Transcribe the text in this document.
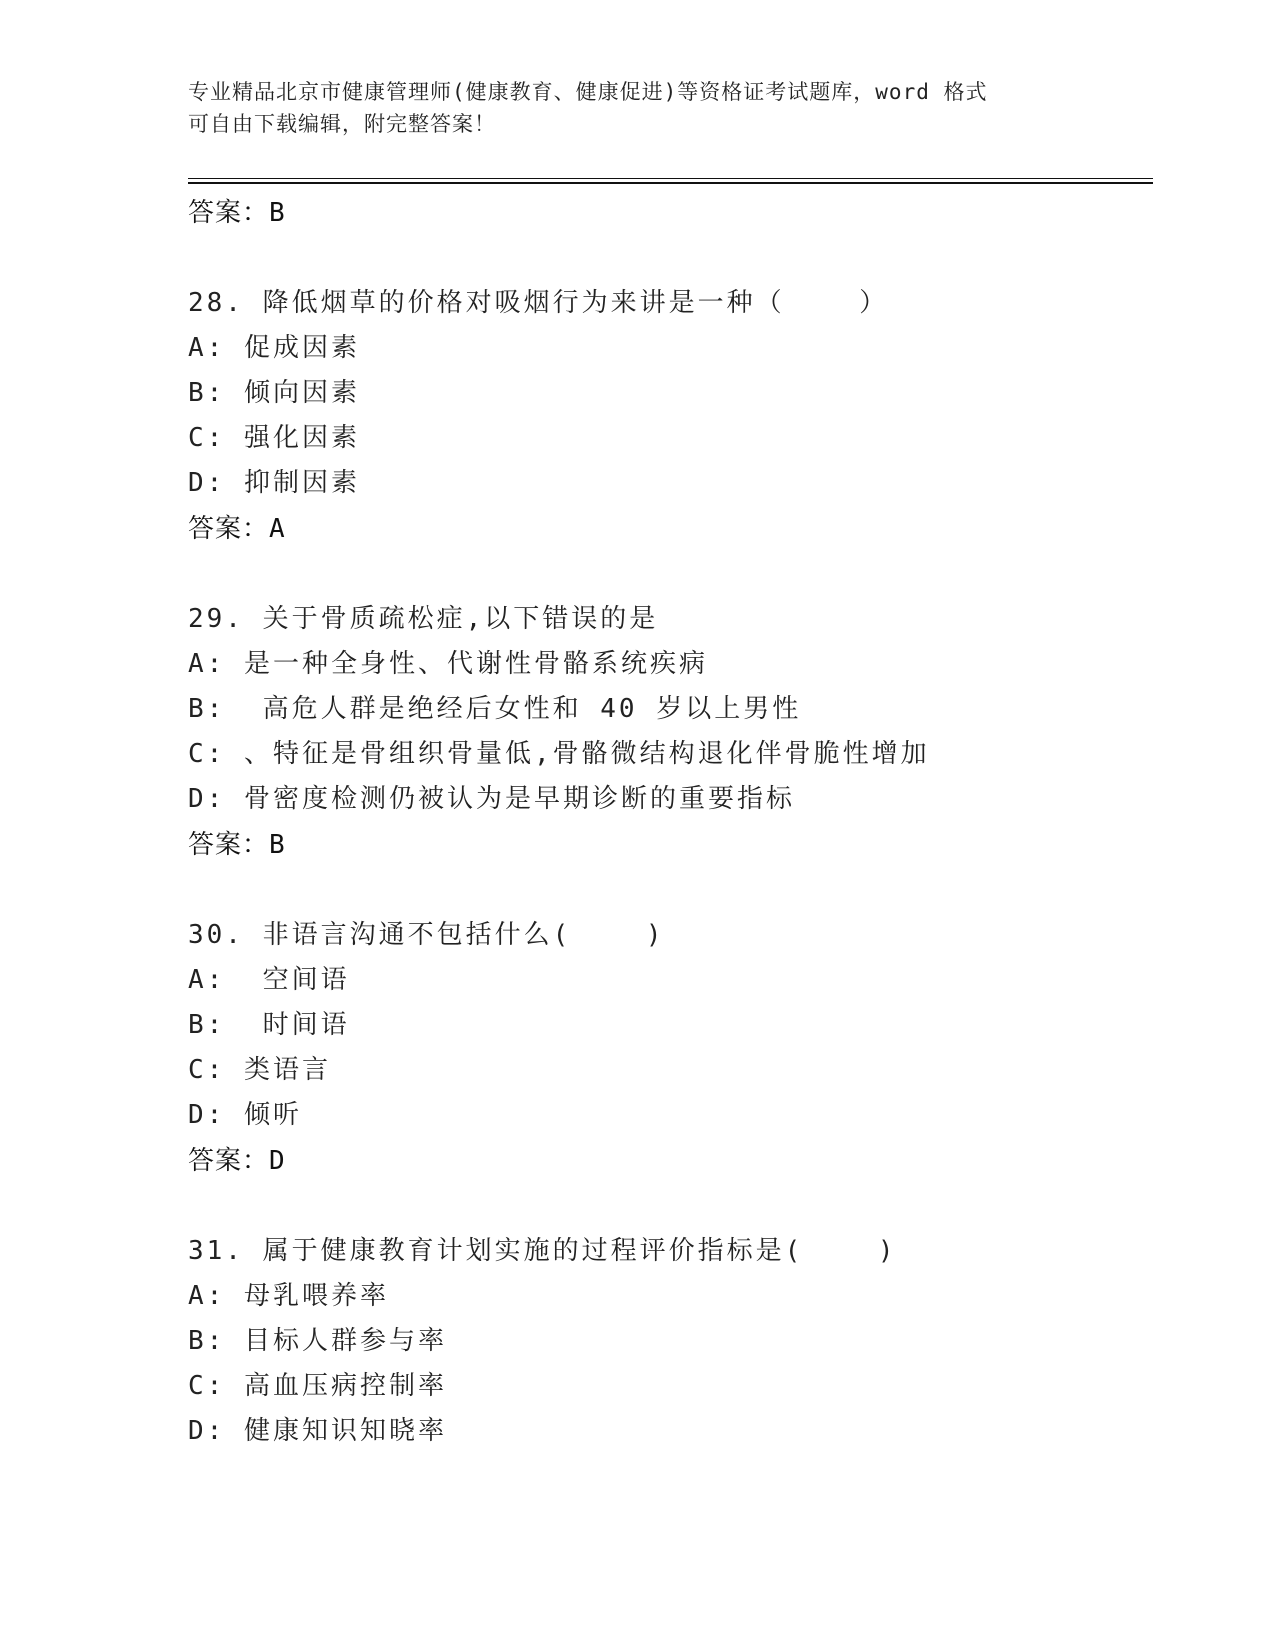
专业精品北京市健康管理师(健康教育、健康促进)等资格证考试题库，word 格式
可自由下载编辑，附完整答案！
答案：B
28. 降低烟草的价格对吸烟行为来讲是一种（    ）
A: 促成因素
B: 倾向因素
C: 强化因素
D: 抑制因素
答案：A
29. 关于骨质疏松症,以下错误的是
A: 是一种全身性、代谢性骨骼系统疾病
B:  高危人群是绝经后女性和 40 岁以上男性
C: 、特征是骨组织骨量低,骨骼微结构退化伴骨脆性增加
D: 骨密度检测仍被认为是早期诊断的重要指标
答案：B
30. 非语言沟通不包括什么(    )
A:  空间语
B:  时间语
C: 类语言
D: 倾听
答案：D
31. 属于健康教育计划实施的过程评价指标是(    )
A: 母乳喂养率
B: 目标人群参与率
C: 高血压病控制率
D: 健康知识知晓率
